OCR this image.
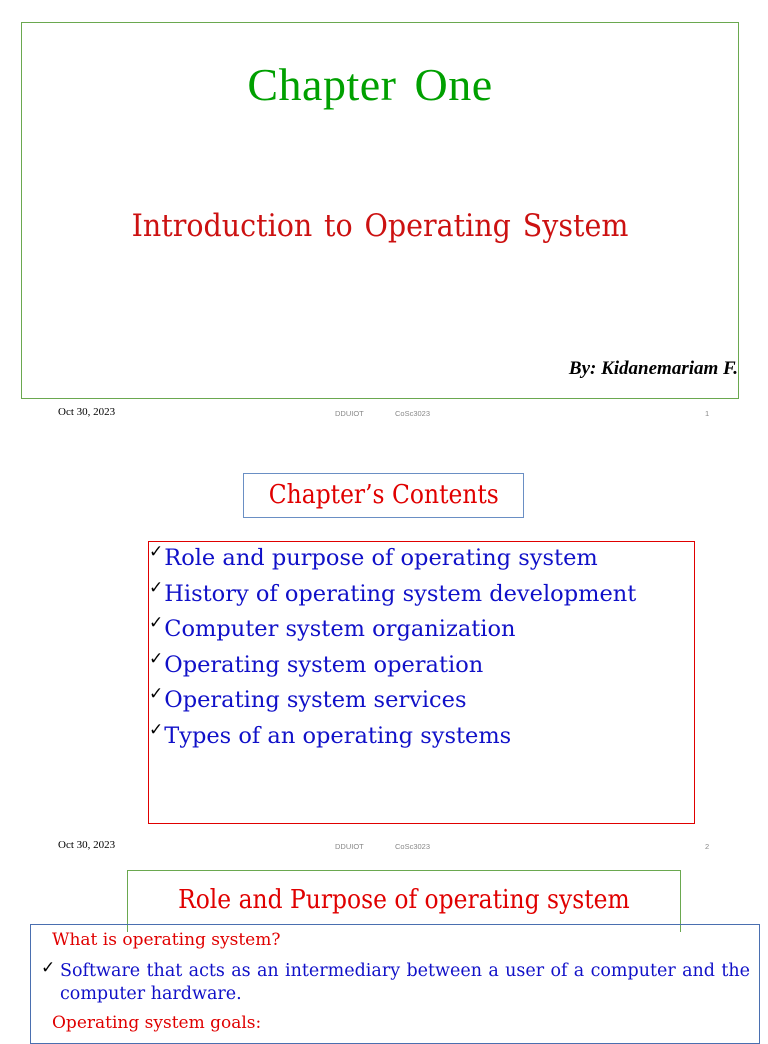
Chapter One
Introduction to Operating System
By: Kidanemariam F.
Oct 30, 2023	DDUIOT	CoSc3023	1
Chapter’s Contents
✓Role and purpose of operating system
✓History of operating system development
✓Computer system organization
✓Operating system operation
✓Operating system services
✓Types of an operating systems
Oct 30, 2023	DDUIOT	CoSc3023	2
Role and Purpose of operating system
What is operating system?
✓ Software that acts as an intermediary between a user of a computer and the computer hardware.
Operating system goals:
